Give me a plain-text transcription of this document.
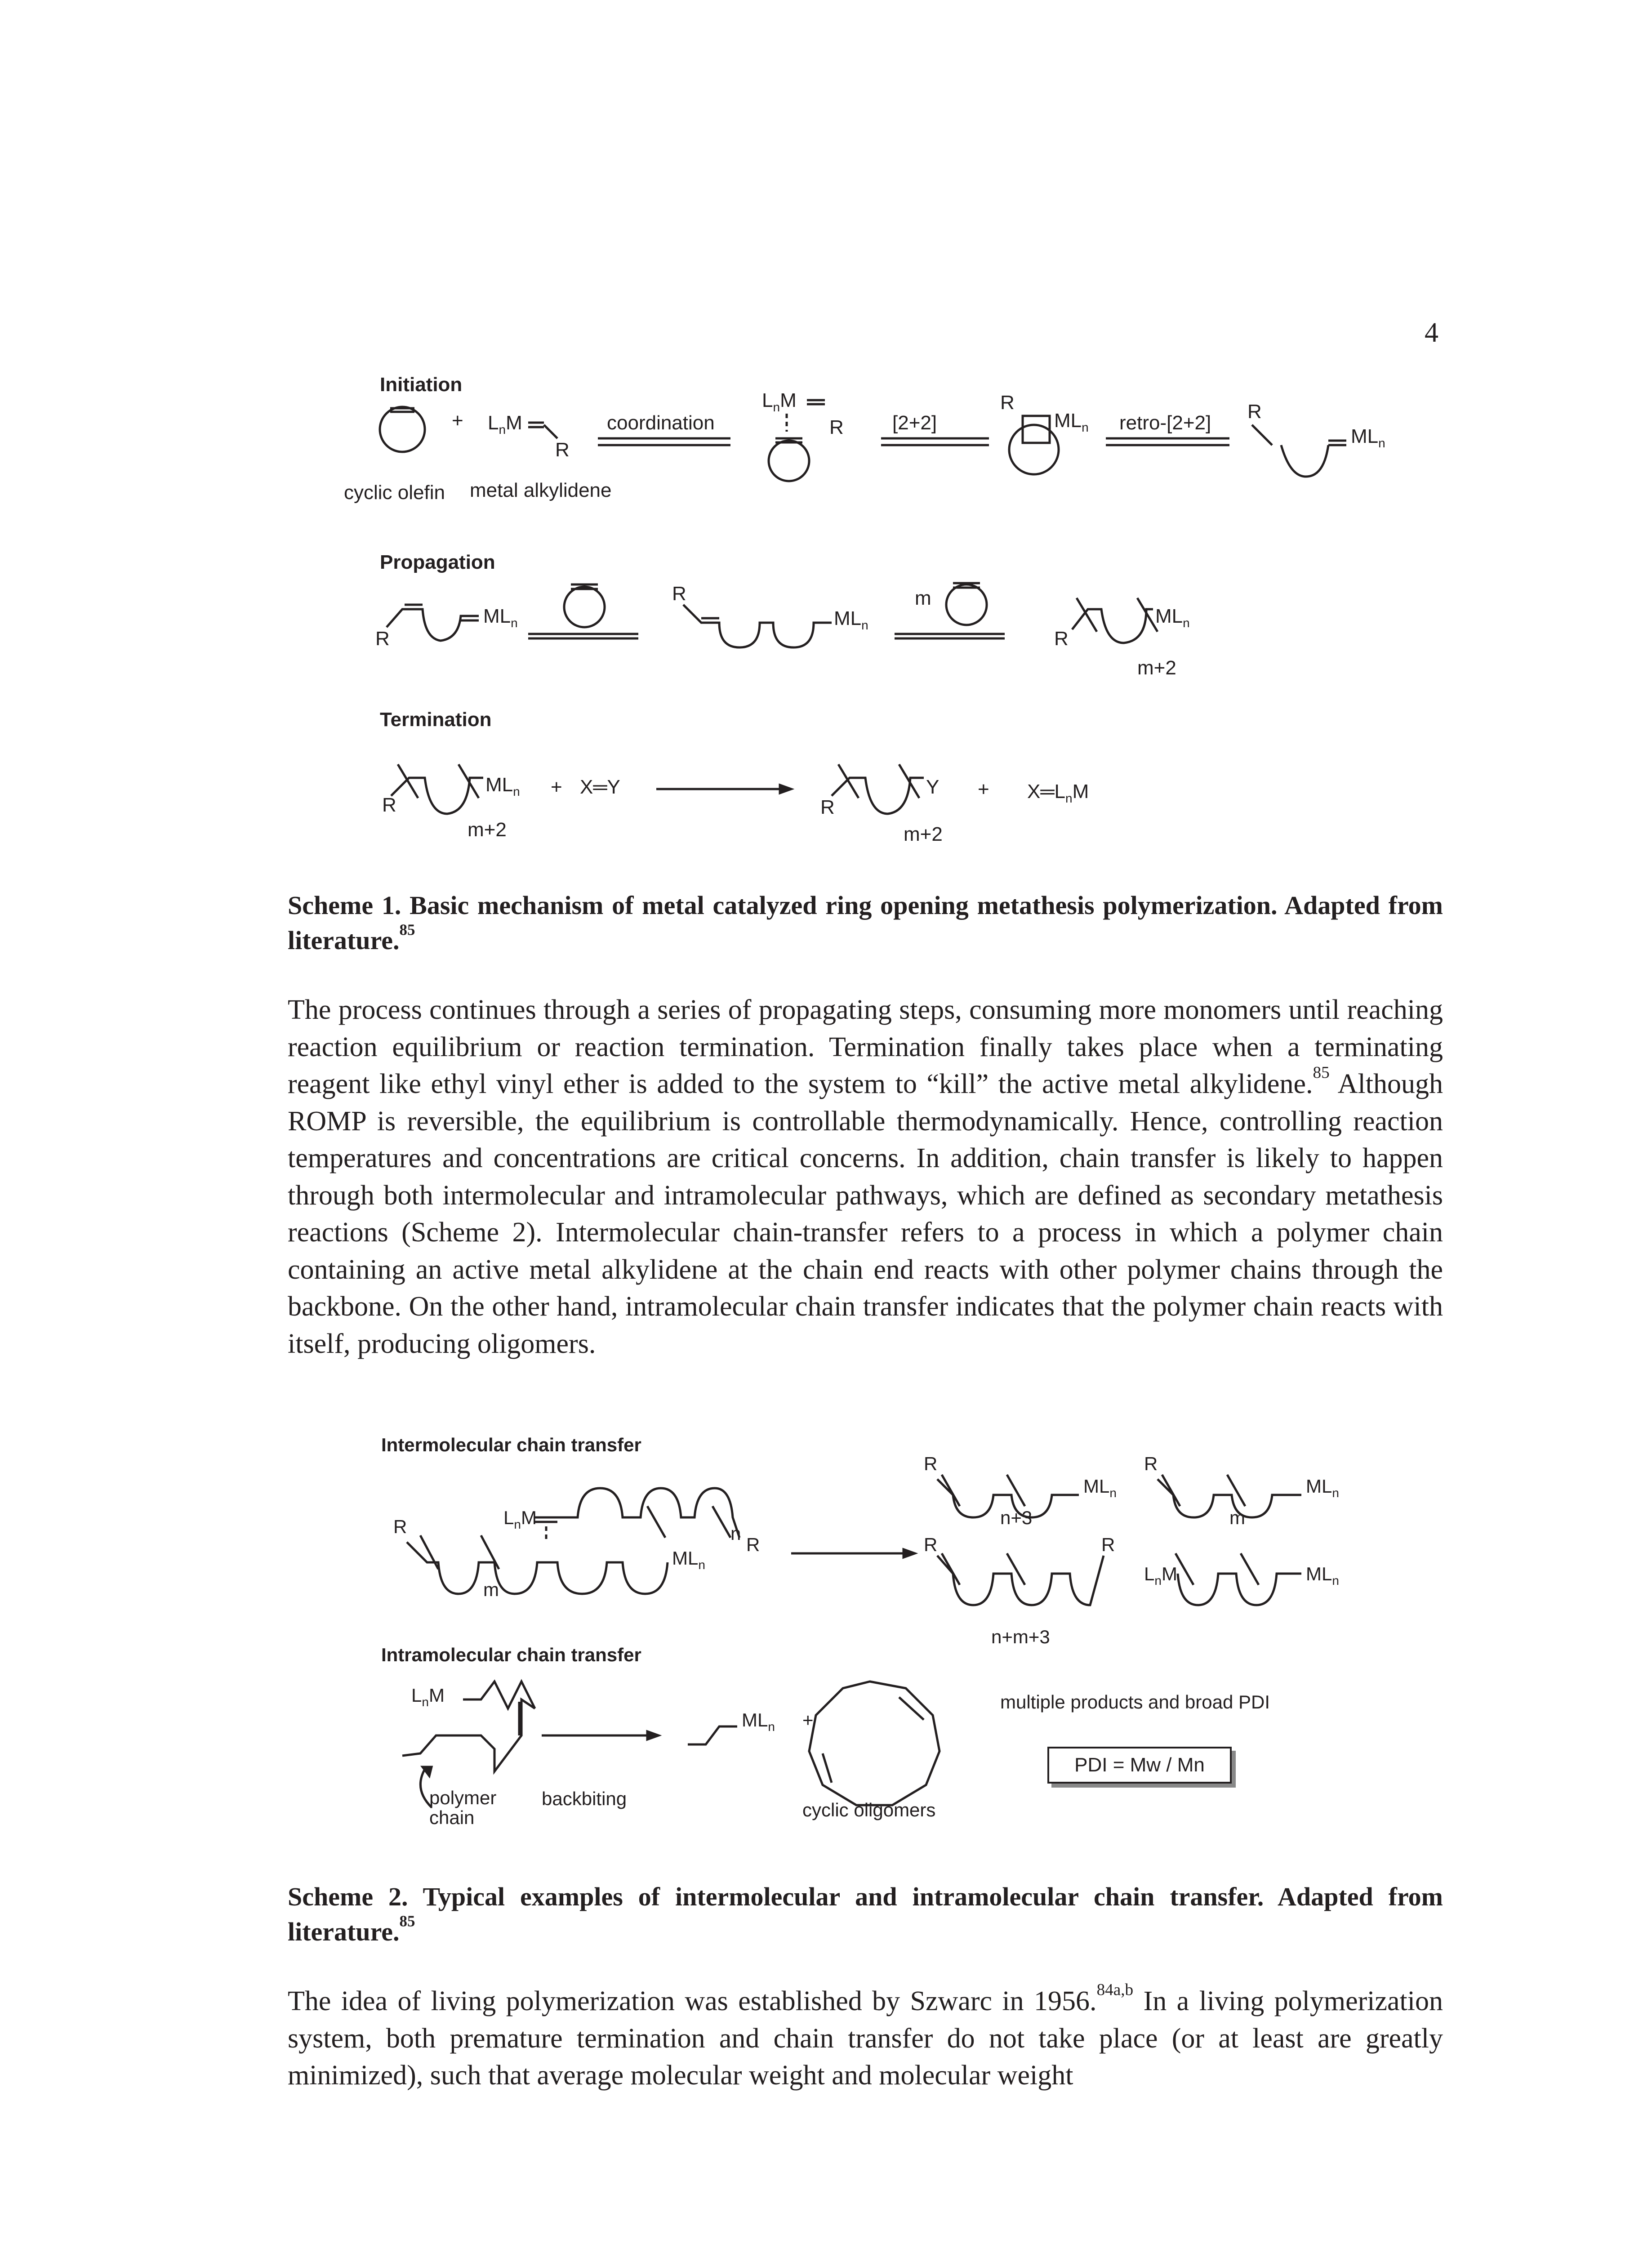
4
Initiation
Propagation
Termination
cyclic olefin metal alkylidene
coordination	[2+2]	retro-[2+2]
+ $L_nM$
R
$L_nM$
R
R
$ML_n$
R
$ML_n$
R
$ML_n$
R
$ML_n$
m
R
$ML_n$
m+2
R
$ML_n$
m+2
+ X═Y
R
Y
m+2
+ $X═L_nM$
Scheme 1. Basic mechanism of metal catalyzed ring opening metathesis polymerization. Adapted from literature.$^{85}$
The process continues through a series of propagating steps, consuming more monomers until reaching reaction equilibrium or reaction termination. Termination finally takes place when a terminating reagent like ethyl vinyl ether is added to the system to “kill” the active metal alkylidene.$^{85}$ Although ROMP is reversible, the equilibrium is controllable thermodynamically. Hence, controlling reaction temperatures and concentrations are critical concerns. In addition, chain transfer is likely to happen through both intermolecular and intramolecular pathways, which are defined as secondary metathesis reactions (Scheme 2). Intermolecular chain-transfer refers to a process in which a polymer chain containing an active metal alkylidene at the chain end reacts with other polymer chains through the backbone. On the other hand, intramolecular chain transfer indicates that the polymer chain reacts with itself, producing oligomers.
Intermolecular chain transfer
Intramolecular chain transfer
backbiting
cyclic oligomers
polymer
chain
multiple products and broad PDI
R	$L_nM$
$ML_n$
m
n
R
R
$ML_n$
n+3
R
$ML_n$
m
R	R
n+m+3
$L_nM$	$ML_n$
$L_nM$
$ML_n$ +
PDI = Mw / Mn
Scheme 2. Typical examples of intermolecular and intramolecular chain transfer. Adapted from literature.$^{85}$
The idea of living polymerization was established by Szwarc in 1956.$^{84a,b}$ In a living polymerization system, both premature termination and chain transfer do not take place (or at least are greatly minimized), such that average molecular weight and molecular weight
